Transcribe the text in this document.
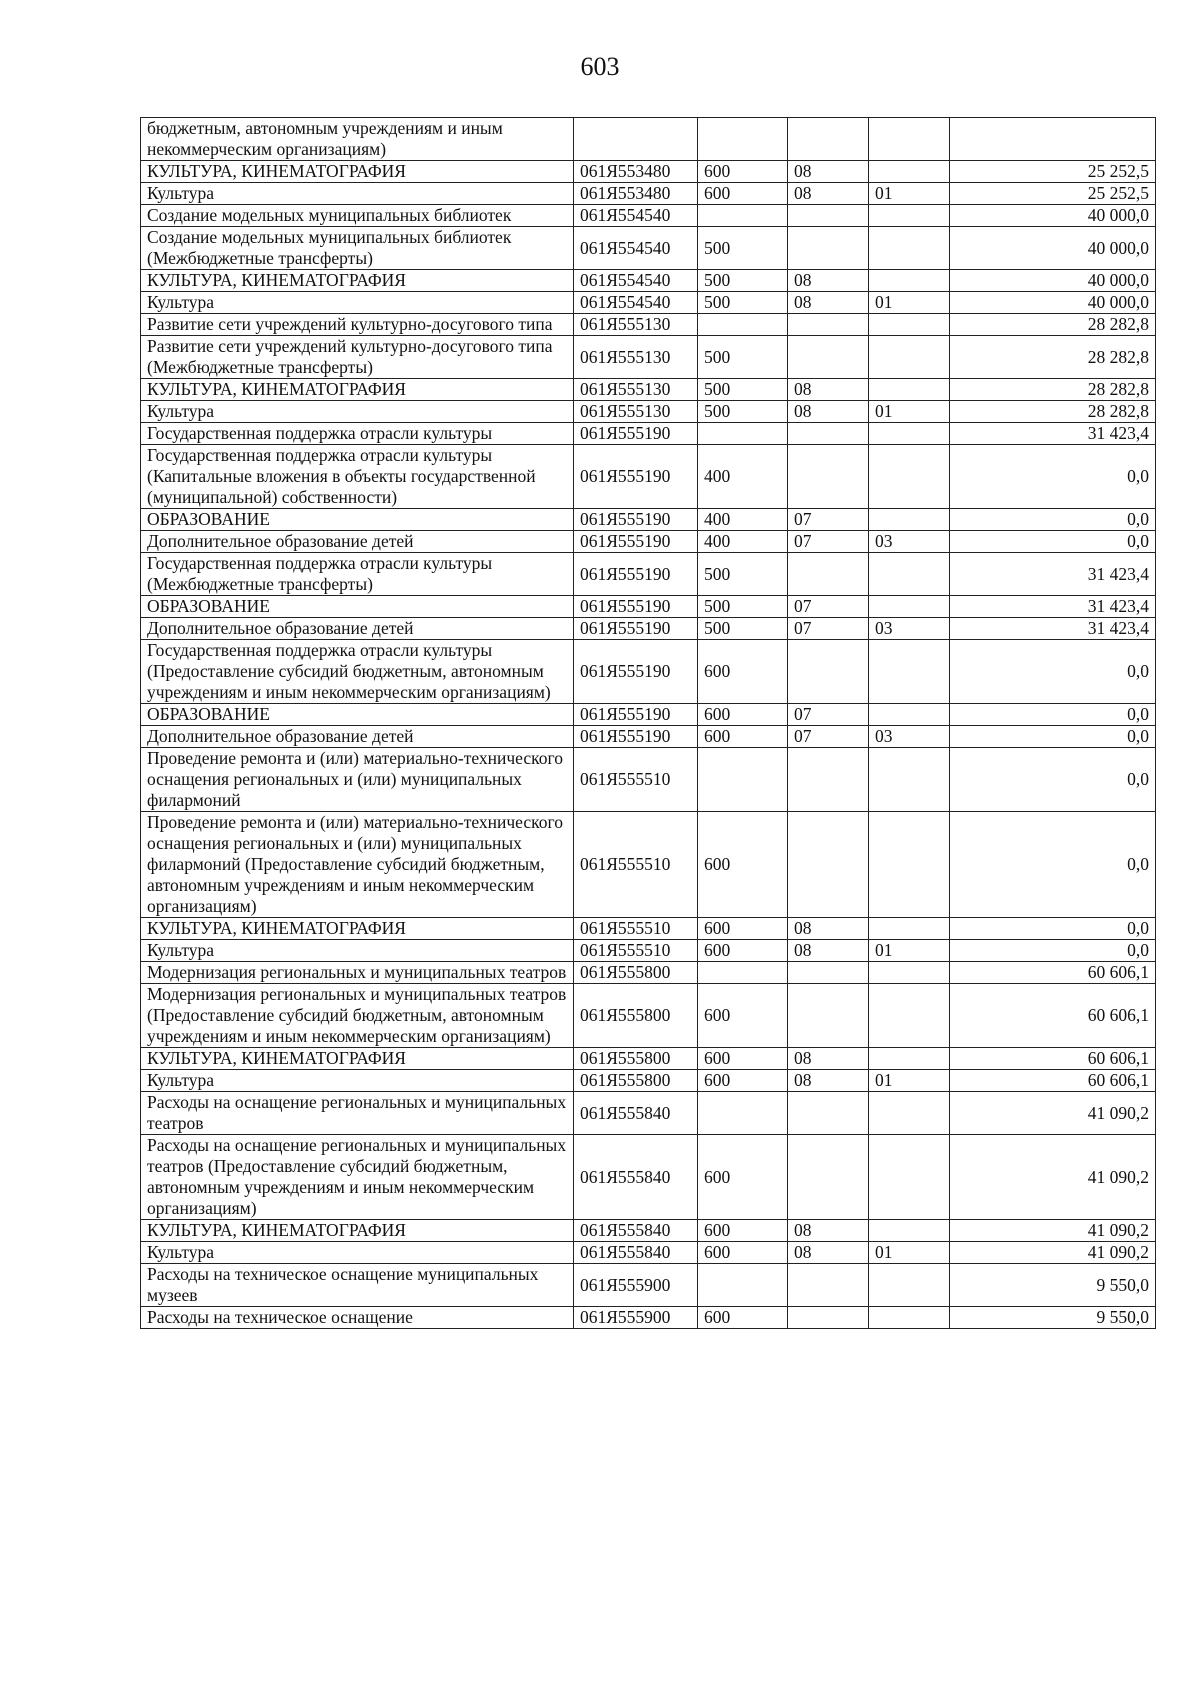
603
бюджетным, автономным учреждениям и иным некоммерческим организациям)					
КУЛЬТУРА, КИНЕМАТОГРАФИЯ	061Я553480	600	08		25 252,5
Культура	061Я553480	600	08	01	25 252,5
Создание модельных муниципальных библиотек	061Я554540				40 000,0
Создание модельных муниципальных библиотек (Межбюджетные трансферты)	061Я554540	500			40 000,0
КУЛЬТУРА, КИНЕМАТОГРАФИЯ	061Я554540	500	08		40 000,0
Культура	061Я554540	500	08	01	40 000,0
Развитие сети учреждений культурно-досугового типа	061Я555130				28 282,8
Развитие сети учреждений культурно-досугового типа (Межбюджетные трансферты)	061Я555130	500			28 282,8
КУЛЬТУРА, КИНЕМАТОГРАФИЯ	061Я555130	500	08		28 282,8
Культура	061Я555130	500	08	01	28 282,8
Государственная поддержка отрасли культуры	061Я555190				31 423,4
Государственная поддержка отрасли культуры (Капитальные вложения в объекты государственной (муниципальной) собственности)	061Я555190	400			0,0
ОБРАЗОВАНИЕ	061Я555190	400	07		0,0
Дополнительное образование детей	061Я555190	400	07	03	0,0
Государственная поддержка отрасли культуры (Межбюджетные трансферты)	061Я555190	500			31 423,4
ОБРАЗОВАНИЕ	061Я555190	500	07		31 423,4
Дополнительное образование детей	061Я555190	500	07	03	31 423,4
Государственная поддержка отрасли культуры (Предоставление субсидий бюджетным, автономным учреждениям и иным некоммерческим организациям)	061Я555190	600			0,0
ОБРАЗОВАНИЕ	061Я555190	600	07		0,0
Дополнительное образование детей	061Я555190	600	07	03	0,0
Проведение ремонта и (или) материально-технического оснащения региональных и (или) муниципальных филармоний	061Я555510				0,0
Проведение ремонта и (или) материально-технического оснащения региональных и (или) муниципальных филармоний (Предоставление субсидий бюджетным, автономным учреждениям и иным некоммерческим организациям)	061Я555510	600			0,0
КУЛЬТУРА, КИНЕМАТОГРАФИЯ	061Я555510	600	08		0,0
Культура	061Я555510	600	08	01	0,0
Модернизация региональных и муниципальных театров	061Я555800				60 606,1
Модернизация региональных и муниципальных театров (Предоставление субсидий бюджетным, автономным учреждениям и иным некоммерческим организациям)	061Я555800	600			60 606,1
КУЛЬТУРА, КИНЕМАТОГРАФИЯ	061Я555800	600	08		60 606,1
Культура	061Я555800	600	08	01	60 606,1
Расходы на оснащение региональных и муниципальных театров	061Я555840				41 090,2
Расходы на оснащение региональных и муниципальных театров (Предоставление субсидий бюджетным, автономным учреждениям и иным некоммерческим организациям)	061Я555840	600			41 090,2
КУЛЬТУРА, КИНЕМАТОГРАФИЯ	061Я555840	600	08		41 090,2
Культура	061Я555840	600	08	01	41 090,2
Расходы на техническое оснащение муниципальных музеев	061Я555900				9 550,0
Расходы на техническое оснащение	061Я555900	600			9 550,0
